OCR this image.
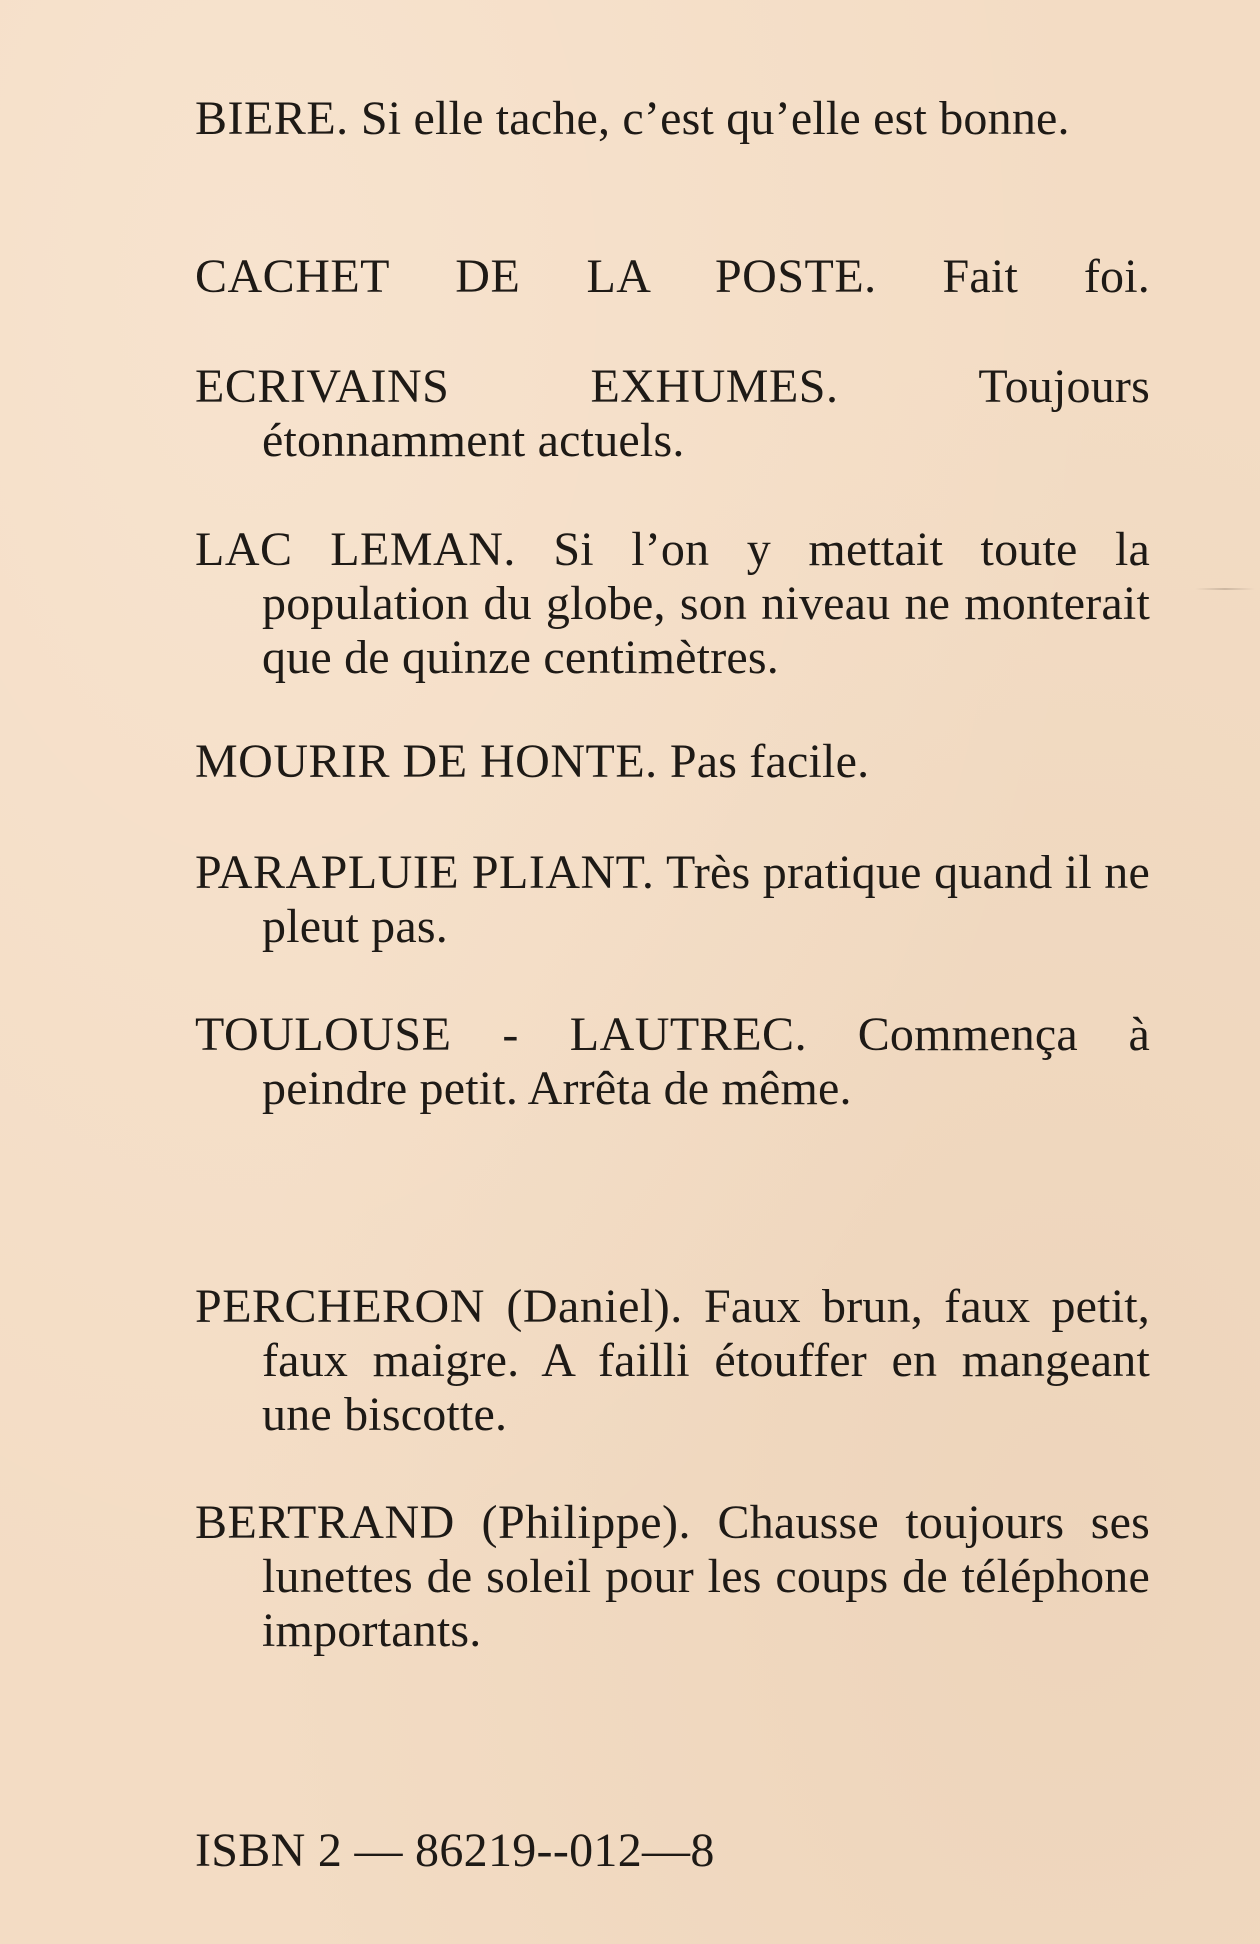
BIERE. Si elle tache, c’est qu’elle est bonne.

CACHET DE LA POSTE. Fait foi.

ECRIVAINS EXHUMES.	Toujours étonnamment actuels.

LAC LEMAN. Si l’on y mettait toute la population du globe, son niveau ne monterait que de quinze centimètres.

MOURIR DE HONTE. Pas facile.

PARAPLUIE PLIANT. Très pratique quand il ne pleut pas.

TOULOUSE - LAUTREC. Commença à peindre petit. Arrêta de même.

PERCHERON (Daniel). Faux brun, faux petit, faux maigre. A failli étouffer en mangeant une biscotte.

BERTRAND (Philippe). Chausse toujours ses lunettes de soleil pour les coups de téléphone importants.

ISBN 2 — 86219--012—8
